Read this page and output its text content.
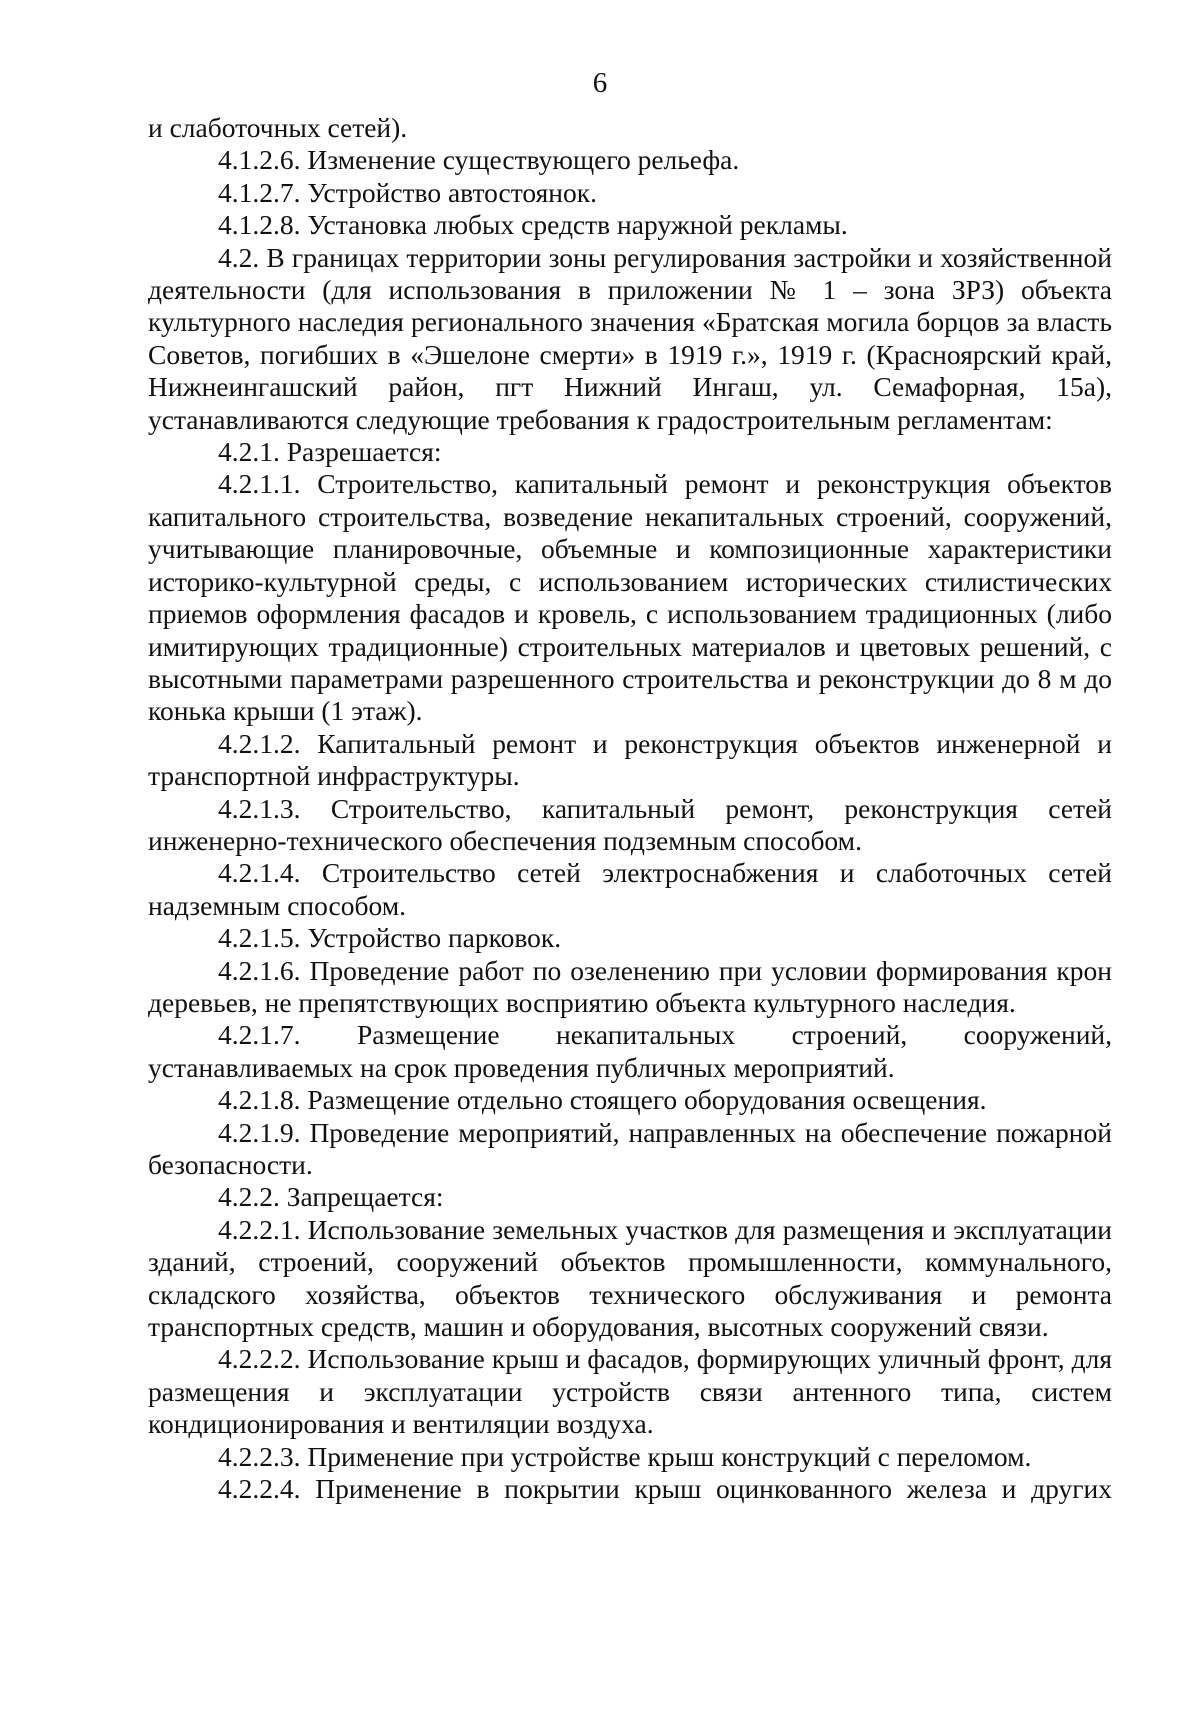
6

и слаботочных сетей).

4.1.2.6. Изменение существующего рельефа.

4.1.2.7. Устройство автостоянок.

4.1.2.8. Установка любых средств наружной рекламы.

4.2. В границах территории зоны регулирования застройки и хозяйственной деятельности (для использования в приложении № 1 – зона ЗРЗ) объекта культурного наследия регионального значения «Братская могила борцов за власть Советов, погибших в «Эшелоне смерти» в 1919 г.», 1919 г. (Красноярский край, Нижнеингашский район, пгт Нижний Ингаш, ул. Семафорная, 15а), устанавливаются следующие требования к градостроительным регламентам:

4.2.1. Разрешается:

4.2.1.1. Строительство, капитальный ремонт и реконструкция объектов капитального строительства, возведение некапитальных строений, сооружений, учитывающие планировочные, объемные и композиционные характеристики историко-культурной среды, с использованием исторических стилистических приемов оформления фасадов и кровель, с использованием традиционных (либо имитирующих традиционные) строительных материалов и цветовых решений, с высотными параметрами разрешенного строительства и реконструкции до 8 м до конька крыши (1 этаж).

4.2.1.2. Капитальный ремонт и реконструкция объектов инженерной и транспортной инфраструктуры.

4.2.1.3. Строительство, капитальный ремонт, реконструкция сетей инженерно-технического обеспечения подземным способом.

4.2.1.4. Строительство сетей электроснабжения и слаботочных сетей надземным способом.

4.2.1.5. Устройство парковок.

4.2.1.6. Проведение работ по озеленению при условии формирования крон деревьев, не препятствующих восприятию объекта культурного наследия.

4.2.1.7. Размещение некапитальных строений, сооружений, устанавливаемых на срок проведения публичных мероприятий.

4.2.1.8. Размещение отдельно стоящего оборудования освещения.

4.2.1.9. Проведение мероприятий, направленных на обеспечение пожарной безопасности.

4.2.2. Запрещается:

4.2.2.1. Использование земельных участков для размещения и эксплуатации зданий, строений, сооружений объектов промышленности, коммунального, складского хозяйства, объектов технического обслуживания и ремонта транспортных средств, машин и оборудования, высотных сооружений связи.

4.2.2.2. Использование крыш и фасадов, формирующих уличный фронт, для размещения и эксплуатации устройств связи антенного типа, систем кондиционирования и вентиляции воздуха.

4.2.2.3. Применение при устройстве крыш конструкций с переломом.

4.2.2.4. Применение в покрытии крыш оцинкованного железа и других
